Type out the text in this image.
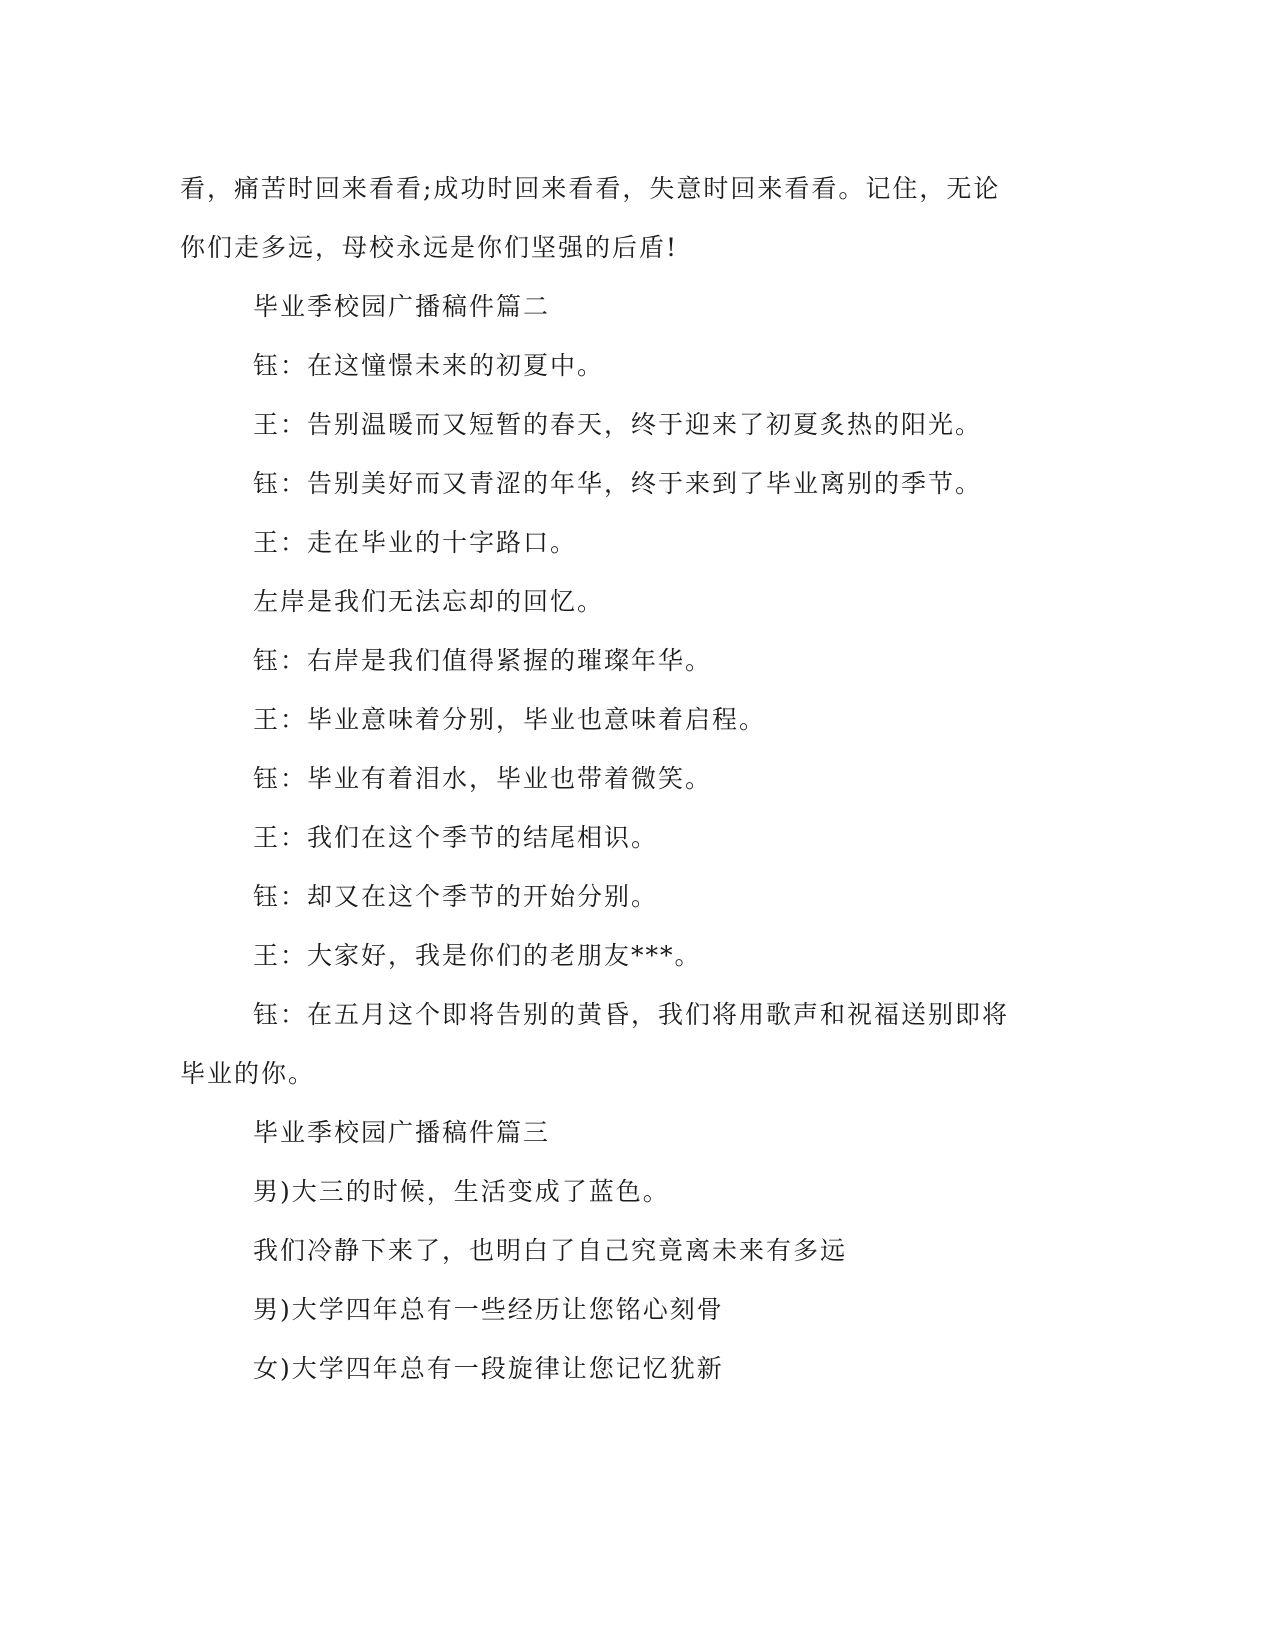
看，痛苦时回来看看;成功时回来看看，失意时回来看看。记住，无论
你们走多远，母校永远是你们坚强的后盾!
毕业季校园广播稿件篇二
钰：在这憧憬未来的初夏中。
王：告别温暖而又短暂的春天，终于迎来了初夏炙热的阳光。
钰：告别美好而又青涩的年华，终于来到了毕业离别的季节。
王：走在毕业的十字路口。
左岸是我们无法忘却的回忆。
钰：右岸是我们值得紧握的璀璨年华。
王：毕业意味着分别，毕业也意味着启程。
钰：毕业有着泪水，毕业也带着微笑。
王：我们在这个季节的结尾相识。
钰：却又在这个季节的开始分别。
王：大家好，我是你们的老朋友***。
钰：在五月这个即将告别的黄昏，我们将用歌声和祝福送别即将
毕业的你。
毕业季校园广播稿件篇三
男)大三的时候，生活变成了蓝色。
我们冷静下来了，也明白了自己究竟离未来有多远
男)大学四年总有一些经历让您铭心刻骨
女)大学四年总有一段旋律让您记忆犹新
